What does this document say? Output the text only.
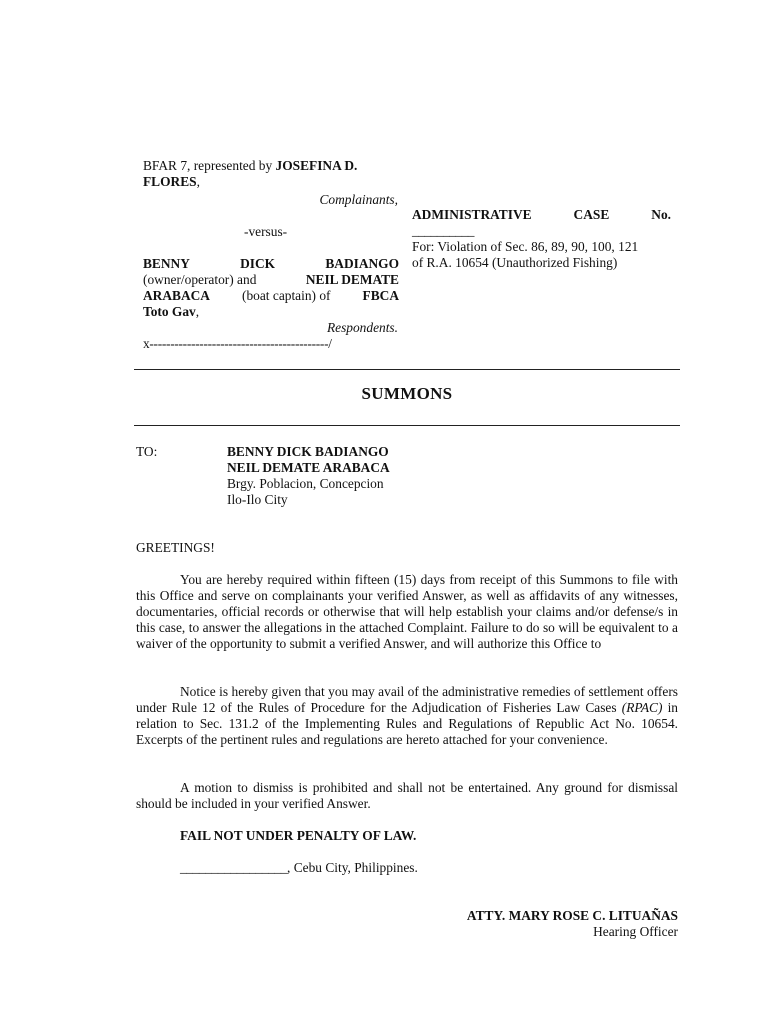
BFAR 7, represented by JOSEFINA D.
FLORES,
Complainants,
-versus-
BENNY	DICK	BADIANGO
(owner/operator) and	NEIL DEMATE
ARABACA (boat captain) of FBCA
Toto Gav,
Respondents.
x-------------------------------------------/
ADMINISTRATIVE	CASE	No.
__________
For: Violation of Sec. 86, 89, 90, 100, 121
of R.A. 10654 (Unauthorized Fishing)
SUMMONS
TO:	BENNY DICK BADIANGO
NEIL DEMATE ARABACA
Brgy. Poblacion, Concepcion
Ilo-Ilo City
GREETINGS!
You are hereby required within fifteen (15) days from receipt of this Summons to file with this Office and serve on complainants your verified Answer, as well as affidavits of any witnesses, documentaries, official records or otherwise that will help establish your claims and/or defense/s in this case, to answer the allegations in the attached Complaint. Failure to do so will be equivalent to a waiver of the opportunity to submit a verified Answer, and will authorize this Office to
Notice is hereby given that you may avail of the administrative remedies of settlement offers under Rule 12 of the Rules of Procedure for the Adjudication of Fisheries Law Cases (RPAC) in relation to Sec. 131.2 of the Implementing Rules and Regulations of Republic Act No. 10654. Excerpts of the pertinent rules and regulations are hereto attached for your convenience.
A motion to dismiss is prohibited and shall not be entertained. Any ground for dismissal should be included in your verified Answer.
FAIL NOT UNDER PENALTY OF LAW.
_________________, Cebu City, Philippines.
ATTY. MARY ROSE C. LITUAÑAS
Hearing Officer
